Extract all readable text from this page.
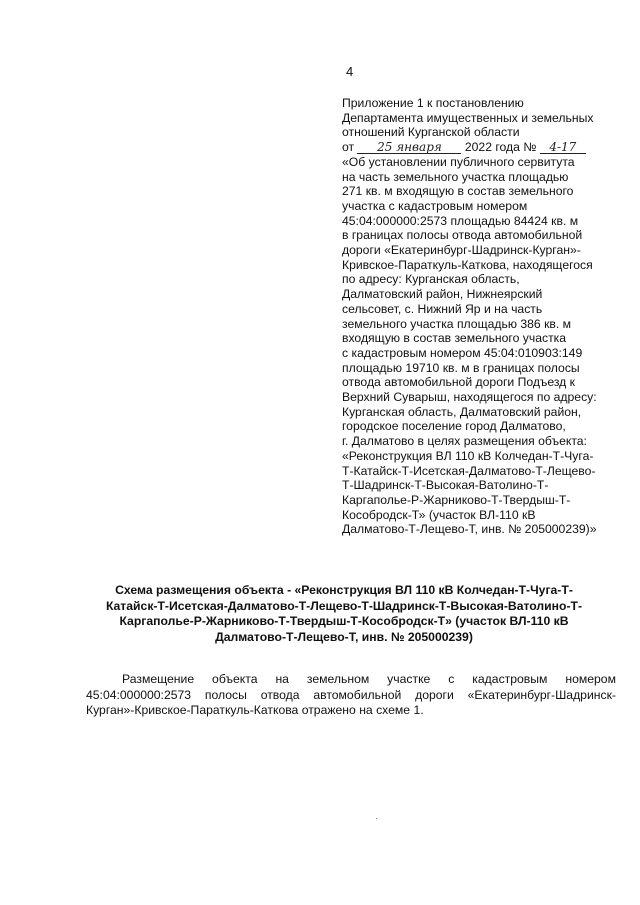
4
Приложение 1 к постановлению
Департамента имущественных и земельных
отношений Курганской области
от 25 января 2022 года № 4-17
«Об установлении публичного сервитута
на часть земельного участка площадью
271 кв. м входящую в состав земельного
участка с кадастровым номером
45:04:000000:2573 площадью 84424 кв. м
в границах полосы отвода автомобильной
дороги «Екатеринбург-Шадринск-Курган»-
Кривское-Параткуль-Каткова, находящегося
по адресу: Курганская область,
Далматовский район, Нижнеярский
сельсовет, с. Нижний Яр и на часть
земельного участка площадью 386 кв. м
входящую в состав земельного участка
с кадастровым номером 45:04:010903:149
площадью 19710 кв. м в границах полосы
отвода автомобильной дороги Подъезд к
Верхний Суварыш, находящегося по адресу:
Курганская область, Далматовский район,
городское поселение город Далматово,
г. Далматово в целях размещения объекта:
«Реконструкция ВЛ 110 кВ Колчедан-Т-Чуга-
Т-Катайск-Т-Исетская-Далматово-Т-Лещево-
Т-Шадринск-Т-Высокая-Ватолино-Т-
Каргаполье-Р-Жарниково-Т-Твердыш-Т-
Кособродск-Т» (участок ВЛ-110 кВ
Далматово-Т-Лещево-Т, инв. № 205000239)»
Схема размещения объекта - «Реконструкция ВЛ 110 кВ Колчедан-Т-Чуга-Т-
Катайск-Т-Исетская-Далматово-Т-Лещево-Т-Шадринск-Т-Высокая-Ватолино-Т-
Каргаполье-Р-Жарниково-Т-Твердыш-Т-Кособродск-Т» (участок ВЛ-110 кВ
Далматово-Т-Лещево-Т, инв. № 205000239)
Размещение объекта на земельном участке с кадастровым номером
45:04:000000:2573 полосы отвода автомобильной дороги «Екатеринбург-Шадринск-
Курган»-Кривское-Параткуль-Каткова отражено на схеме 1.
